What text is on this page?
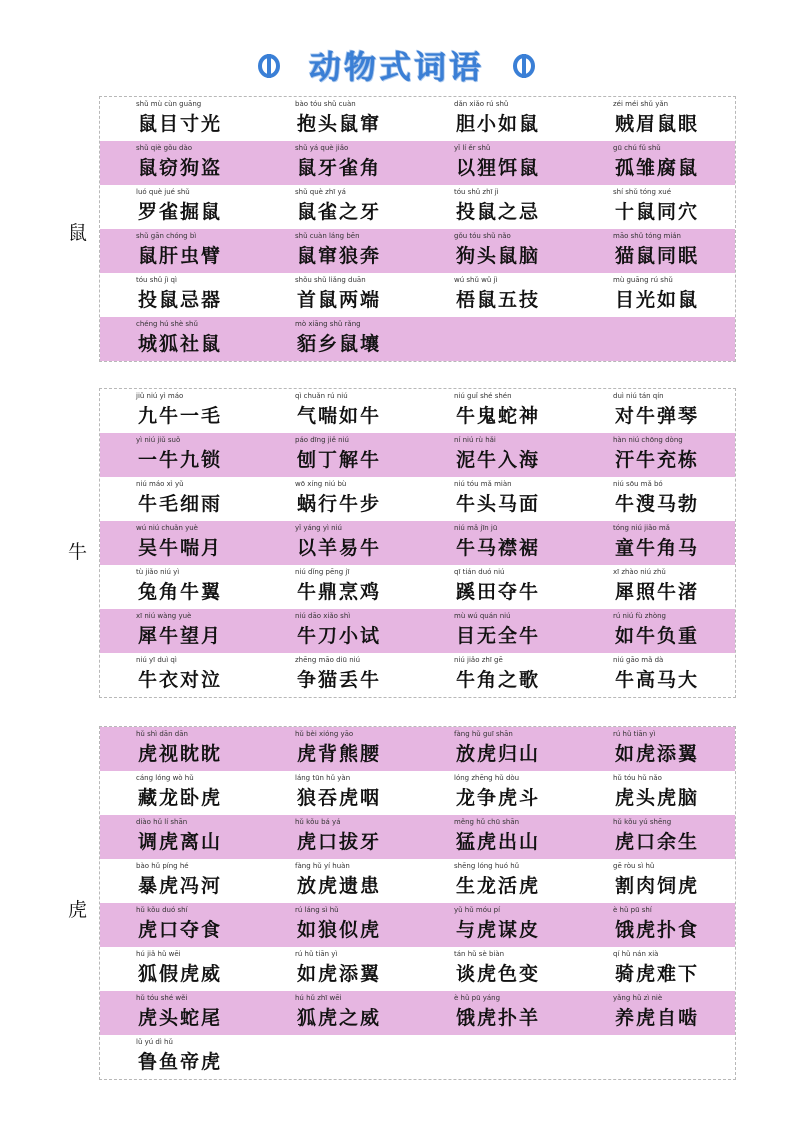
动物式词语
鼠
shǔ mù cùn guāng
鼠目寸光
bào tóu shǔ cuàn
抱头鼠窜
dǎn xiǎo rú shǔ
胆小如鼠
zéi méi shǔ yǎn
贼眉鼠眼
shǔ qiè gǒu dào
鼠窃狗盗
shǔ yá què jiǎo
鼠牙雀角
yǐ lí ěr shǔ
以狸饵鼠
gū chú fǔ shǔ
孤雏腐鼠
luó què jué shǔ
罗雀掘鼠
shǔ què zhī yá
鼠雀之牙
tóu shǔ zhī jì
投鼠之忌
shí shǔ tóng xué
十鼠同穴
shǔ gān chóng bì
鼠肝虫臂
shǔ cuàn láng bēn
鼠窜狼奔
gǒu tóu shǔ nǎo
狗头鼠脑
māo shǔ tóng mián
猫鼠同眠
tóu shǔ jì qì
投鼠忌器
shǒu shǔ liǎng duān
首鼠两端
wú shǔ wǔ jì
梧鼠五技
mù guāng rú shǔ
目光如鼠
chéng hú shè shǔ
城狐社鼠
mò xiāng shǔ rǎng
貊乡鼠壤
牛
jiǔ niú yì máo
九牛一毛
qì chuǎn rú niú
气喘如牛
niú guǐ shé shén
牛鬼蛇神
duì niú tán qín
对牛弹琴
yì niú jiǔ suǒ
一牛九锁
páo dīng jiě niú
刨丁解牛
ní niú rù hǎi
泥牛入海
hàn niú chōng dòng
汗牛充栋
niú máo xì yǔ
牛毛细雨
wō xíng niú bù
蜗行牛步
niú tóu mǎ miàn
牛头马面
niú sōu mǎ bó
牛溲马勃
wú niú chuǎn yuè
吴牛喘月
yǐ yáng yì niú
以羊易牛
niú mǎ jīn jū
牛马襟裾
tóng niú jiǎo mǎ
童牛角马
tù jiǎo niú yì
兔角牛翼
niú dǐng pēng jī
牛鼎烹鸡
qī tián duó niú
蹊田夺牛
xī zhào niú zhǔ
犀照牛渚
xī niú wàng yuè
犀牛望月
niú dāo xiǎo shì
牛刀小试
mù wú quán niú
目无全牛
rú niú fù zhòng
如牛负重
niú yī duì qì
牛衣对泣
zhēng māo diū niú
争猫丢牛
niú jiǎo zhī gē
牛角之歌
niú gāo mǎ dà
牛高马大
虎
hǔ shì dān dān
虎视眈眈
hǔ bèi xióng yāo
虎背熊腰
fàng hǔ guī shān
放虎归山
rú hǔ tiān yì
如虎添翼
cáng lóng wò hǔ
藏龙卧虎
láng tūn hǔ yàn
狼吞虎咽
lóng zhēng hǔ dòu
龙争虎斗
hǔ tóu hǔ nǎo
虎头虎脑
diào hǔ lí shān
调虎离山
hǔ kǒu bá yá
虎口拔牙
měng hǔ chū shān
猛虎出山
hǔ kǒu yú shēng
虎口余生
bào hǔ píng hé
暴虎冯河
fàng hǔ yí huàn
放虎遗患
shēng lóng huó hǔ
生龙活虎
gē ròu sì hǔ
割肉饲虎
hǔ kǒu duó shí
虎口夺食
rú láng sì hǔ
如狼似虎
yǔ hǔ móu pí
与虎谋皮
è hǔ pū shí
饿虎扑食
hú jiǎ hǔ wēi
狐假虎威
rú hǔ tiān yì
如虎添翼
tán hǔ sè biàn
谈虎色变
qí hǔ nán xià
骑虎难下
hǔ tóu shé wěi
虎头蛇尾
hú hǔ zhī wēi
狐虎之威
è hǔ pū yáng
饿虎扑羊
yǎng hǔ zì niè
养虎自啮
lǔ yú dì hǔ
鲁鱼帝虎
